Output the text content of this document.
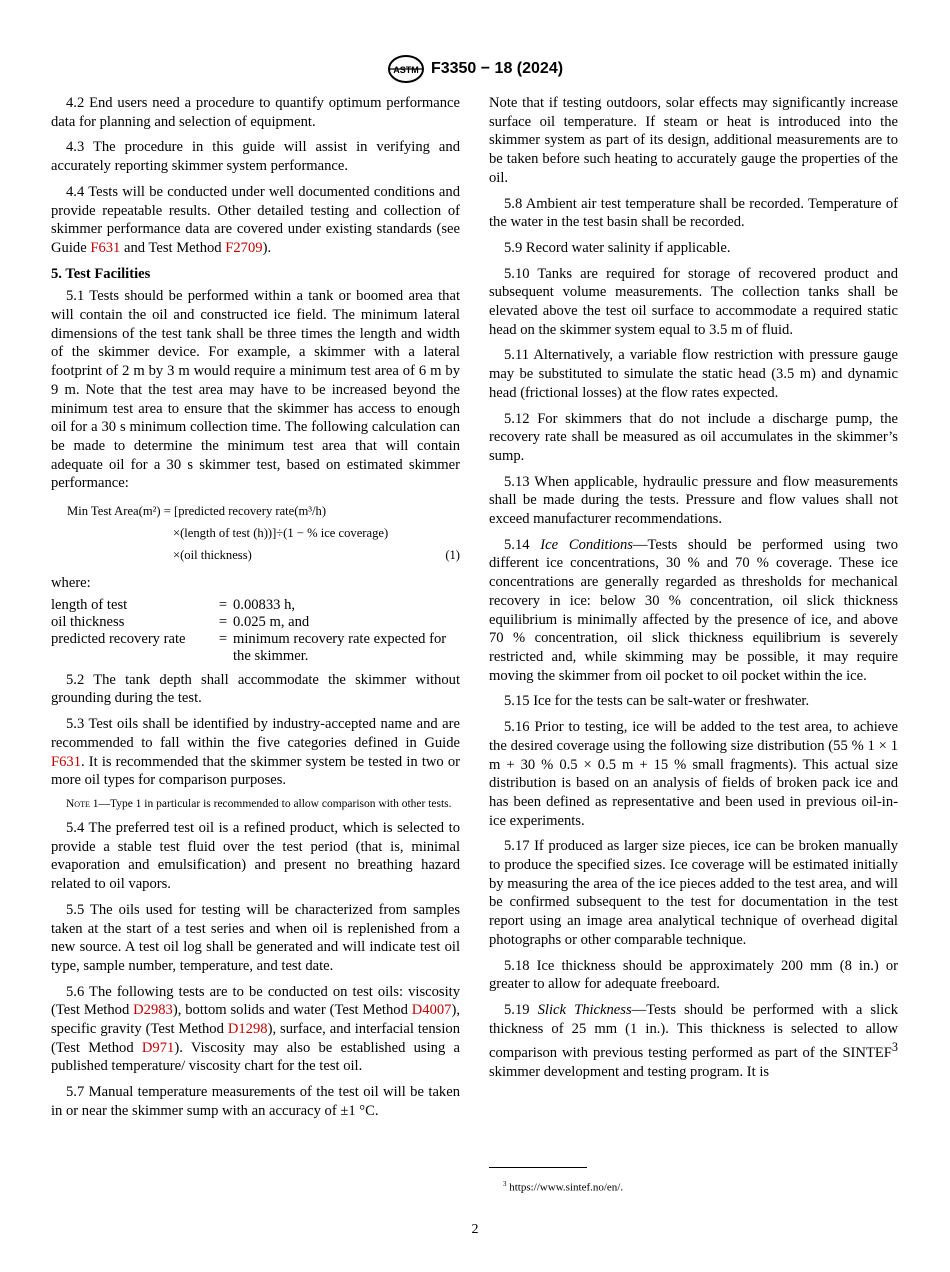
ASTM F3350 − 18 (2024)

4.2 End users need a procedure to quantify optimum performance data for planning and selection of equipment.

4.3 The procedure in this guide will assist in verifying and accurately reporting skimmer system performance.

4.4 Tests will be conducted under well documented conditions and provide repeatable results. Other detailed testing and collection of skimmer performance data are covered under existing standards (see Guide F631 and Test Method F2709).

5. Test Facilities

5.1 Tests should be performed within a tank or boomed area that will contain the oil and constructed ice field. The minimum lateral dimensions of the test tank shall be three times the length and width of the skimmer device. For example, a skimmer with a lateral footprint of 2 m by 3 m would require a minimum test area of 6 m by 9 m. Note that the test area may have to be increased beyond the minimum test area to ensure that the skimmer has access to enough oil for a 30 s minimum collection time. The following calculation can be made to determine the minimum test area that will contain adequate oil for a 30 s skimmer test, based on estimated skimmer performance:

Min Test Area(m²) = [predicted recovery rate(m³/h)
×(length of test (h))]÷(1 − % ice coverage)
×(oil thickness)	(1)
where:
length of test	=	0.00833 h,
oil thickness	=	0.025 m, and
predicted recovery rate	=	minimum recovery rate expected for the skimmer.

5.2 The tank depth shall accommodate the skimmer without grounding during the test.

5.3 Test oils shall be identified by industry-accepted name and are recommended to fall within the five categories defined in Guide F631. It is recommended that the skimmer system be tested in two or more oil types for comparison purposes.

Note 1—Type 1 in particular is recommended to allow comparison with other tests.

5.4 The preferred test oil is a refined product, which is selected to provide a stable test fluid over the test period (that is, minimal evaporation and emulsification) and present no breathing hazard related to oil vapors.

5.5 The oils used for testing will be characterized from samples taken at the start of a test series and when oil is replenished from a new source. A test oil log shall be generated and will indicate test oil type, sample number, temperature, and test date.

5.6 The following tests are to be conducted on test oils: viscosity (Test Method D2983), bottom solids and water (Test Method D4007), specific gravity (Test Method D1298), surface, and interfacial tension (Test Method D971). Viscosity may also be established using a published temperature/ viscosity chart for the test oil.

5.7 Manual temperature measurements of the test oil will be taken in or near the skimmer sump with an accuracy of ±1 °C.

Note that if testing outdoors, solar effects may significantly increase surface oil temperature. If steam or heat is introduced into the skimmer system as part of its design, additional measurements are to be taken before such heating to accurately gauge the properties of the oil.

5.8 Ambient air test temperature shall be recorded. Temperature of the water in the test basin shall be recorded.

5.9 Record water salinity if applicable.

5.10 Tanks are required for storage of recovered product and subsequent volume measurements. The collection tanks shall be elevated above the test oil surface to accommodate a required static head on the skimmer system equal to 3.5 m of fluid.

5.11 Alternatively, a variable flow restriction with pressure gauge may be substituted to simulate the static head (3.5 m) and dynamic head (frictional losses) at the flow rates expected.

5.12 For skimmers that do not include a discharge pump, the recovery rate shall be measured as oil accumulates in the skimmer’s sump.

5.13 When applicable, hydraulic pressure and flow measurements shall be made during the tests. Pressure and flow values shall not exceed manufacturer recommendations.

5.14 Ice Conditions—Tests should be performed using two different ice concentrations, 30 % and 70 % coverage. These ice concentrations are generally regarded as thresholds for mechanical recovery in ice: below 30 % concentration, oil slick thickness equilibrium is minimally affected by the presence of ice, and above 70 % concentration, oil slick thickness equilibrium is severely restricted and, while skimming may be possible, it may require moving the skimmer from oil pocket to oil pocket within the ice.

5.15 Ice for the tests can be salt-water or freshwater.

5.16 Prior to testing, ice will be added to the test area, to achieve the desired coverage using the following size distribution (55 % 1 × 1 m + 30 % 0.5 × 0.5 m + 15 % small fragments). This actual size distribution is based on an analysis of fields of broken pack ice and has been defined as representative and been used in previous oil-in-ice experiments.

5.17 If produced as larger size pieces, ice can be broken manually to produce the specified sizes. Ice coverage will be estimated initially by measuring the area of the ice pieces added to the test area, and will be confirmed subsequent to the test for documentation in the test report using an image area analytical technique of overhead digital photographs or other comparable technique.

5.18 Ice thickness should be approximately 200 mm (8 in.) or greater to allow for adequate freeboard.

5.19 Slick Thickness—Tests should be performed with a slick thickness of 25 mm (1 in.). This thickness is selected to allow comparison with previous testing performed as part of the SINTEF$^3$ skimmer development and testing program. It is

$^3$ https://www.sintef.no/en/.
2
